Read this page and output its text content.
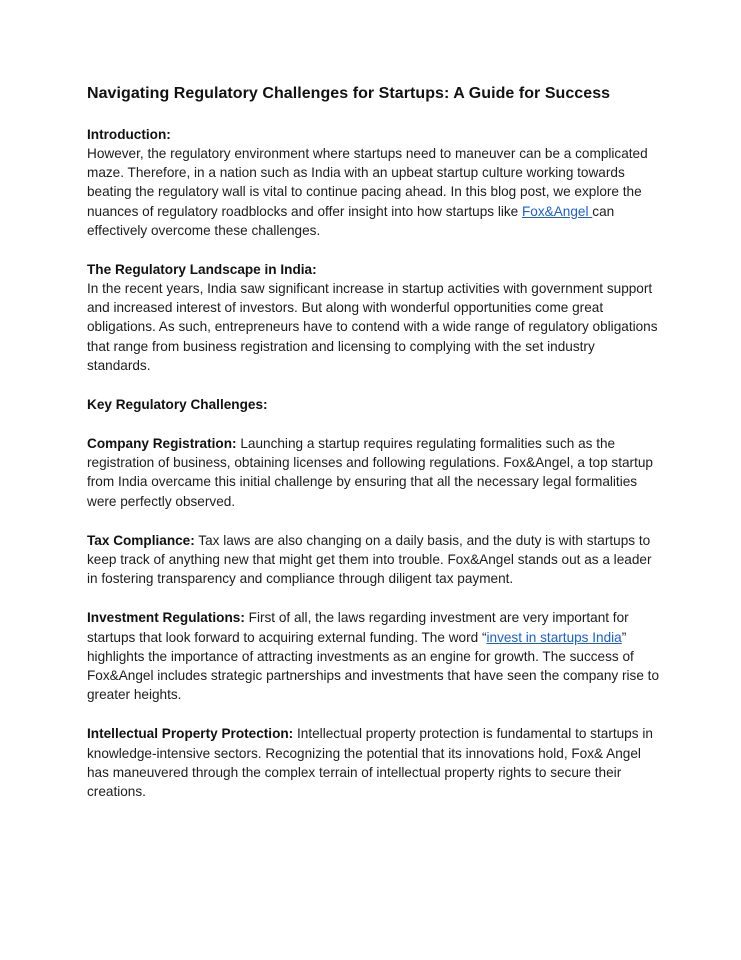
Navigating Regulatory Challenges for Startups: A Guide for Success
Introduction:

However, the regulatory environment where startups need to maneuver can be a complicated maze. Therefore, in a nation such as India with an upbeat startup culture working towards beating the regulatory wall is vital to continue pacing ahead. In this blog post, we explore the nuances of regulatory roadblocks and offer insight into how startups like Fox&Angel can effectively overcome these challenges.

The Regulatory Landscape in India:

In the recent years, India saw significant increase in startup activities with government support and increased interest of investors. But along with wonderful opportunities come great obligations. As such, entrepreneurs have to contend with a wide range of regulatory obligations that range from business registration and licensing to complying with the set industry standards.

Key Regulatory Challenges:

Company Registration: Launching a startup requires regulating formalities such as the registration of business, obtaining licenses and following regulations. Fox&Angel, a top startup from India overcame this initial challenge by ensuring that all the necessary legal formalities were perfectly observed.

Tax Compliance: Tax laws are also changing on a daily basis, and the duty is with startups to keep track of anything new that might get them into trouble. Fox&Angel stands out as a leader in fostering transparency and compliance through diligent tax payment.

Investment Regulations: First of all, the laws regarding investment are very important for startups that look forward to acquiring external funding. The word “invest in startups India” highlights the importance of attracting investments as an engine for growth. The success of Fox&Angel includes strategic partnerships and investments that have seen the company rise to greater heights.

Intellectual Property Protection: Intellectual property protection is fundamental to startups in knowledge-intensive sectors. Recognizing the potential that its innovations hold, Fox& Angel has maneuvered through the complex terrain of intellectual property rights to secure their creations.
